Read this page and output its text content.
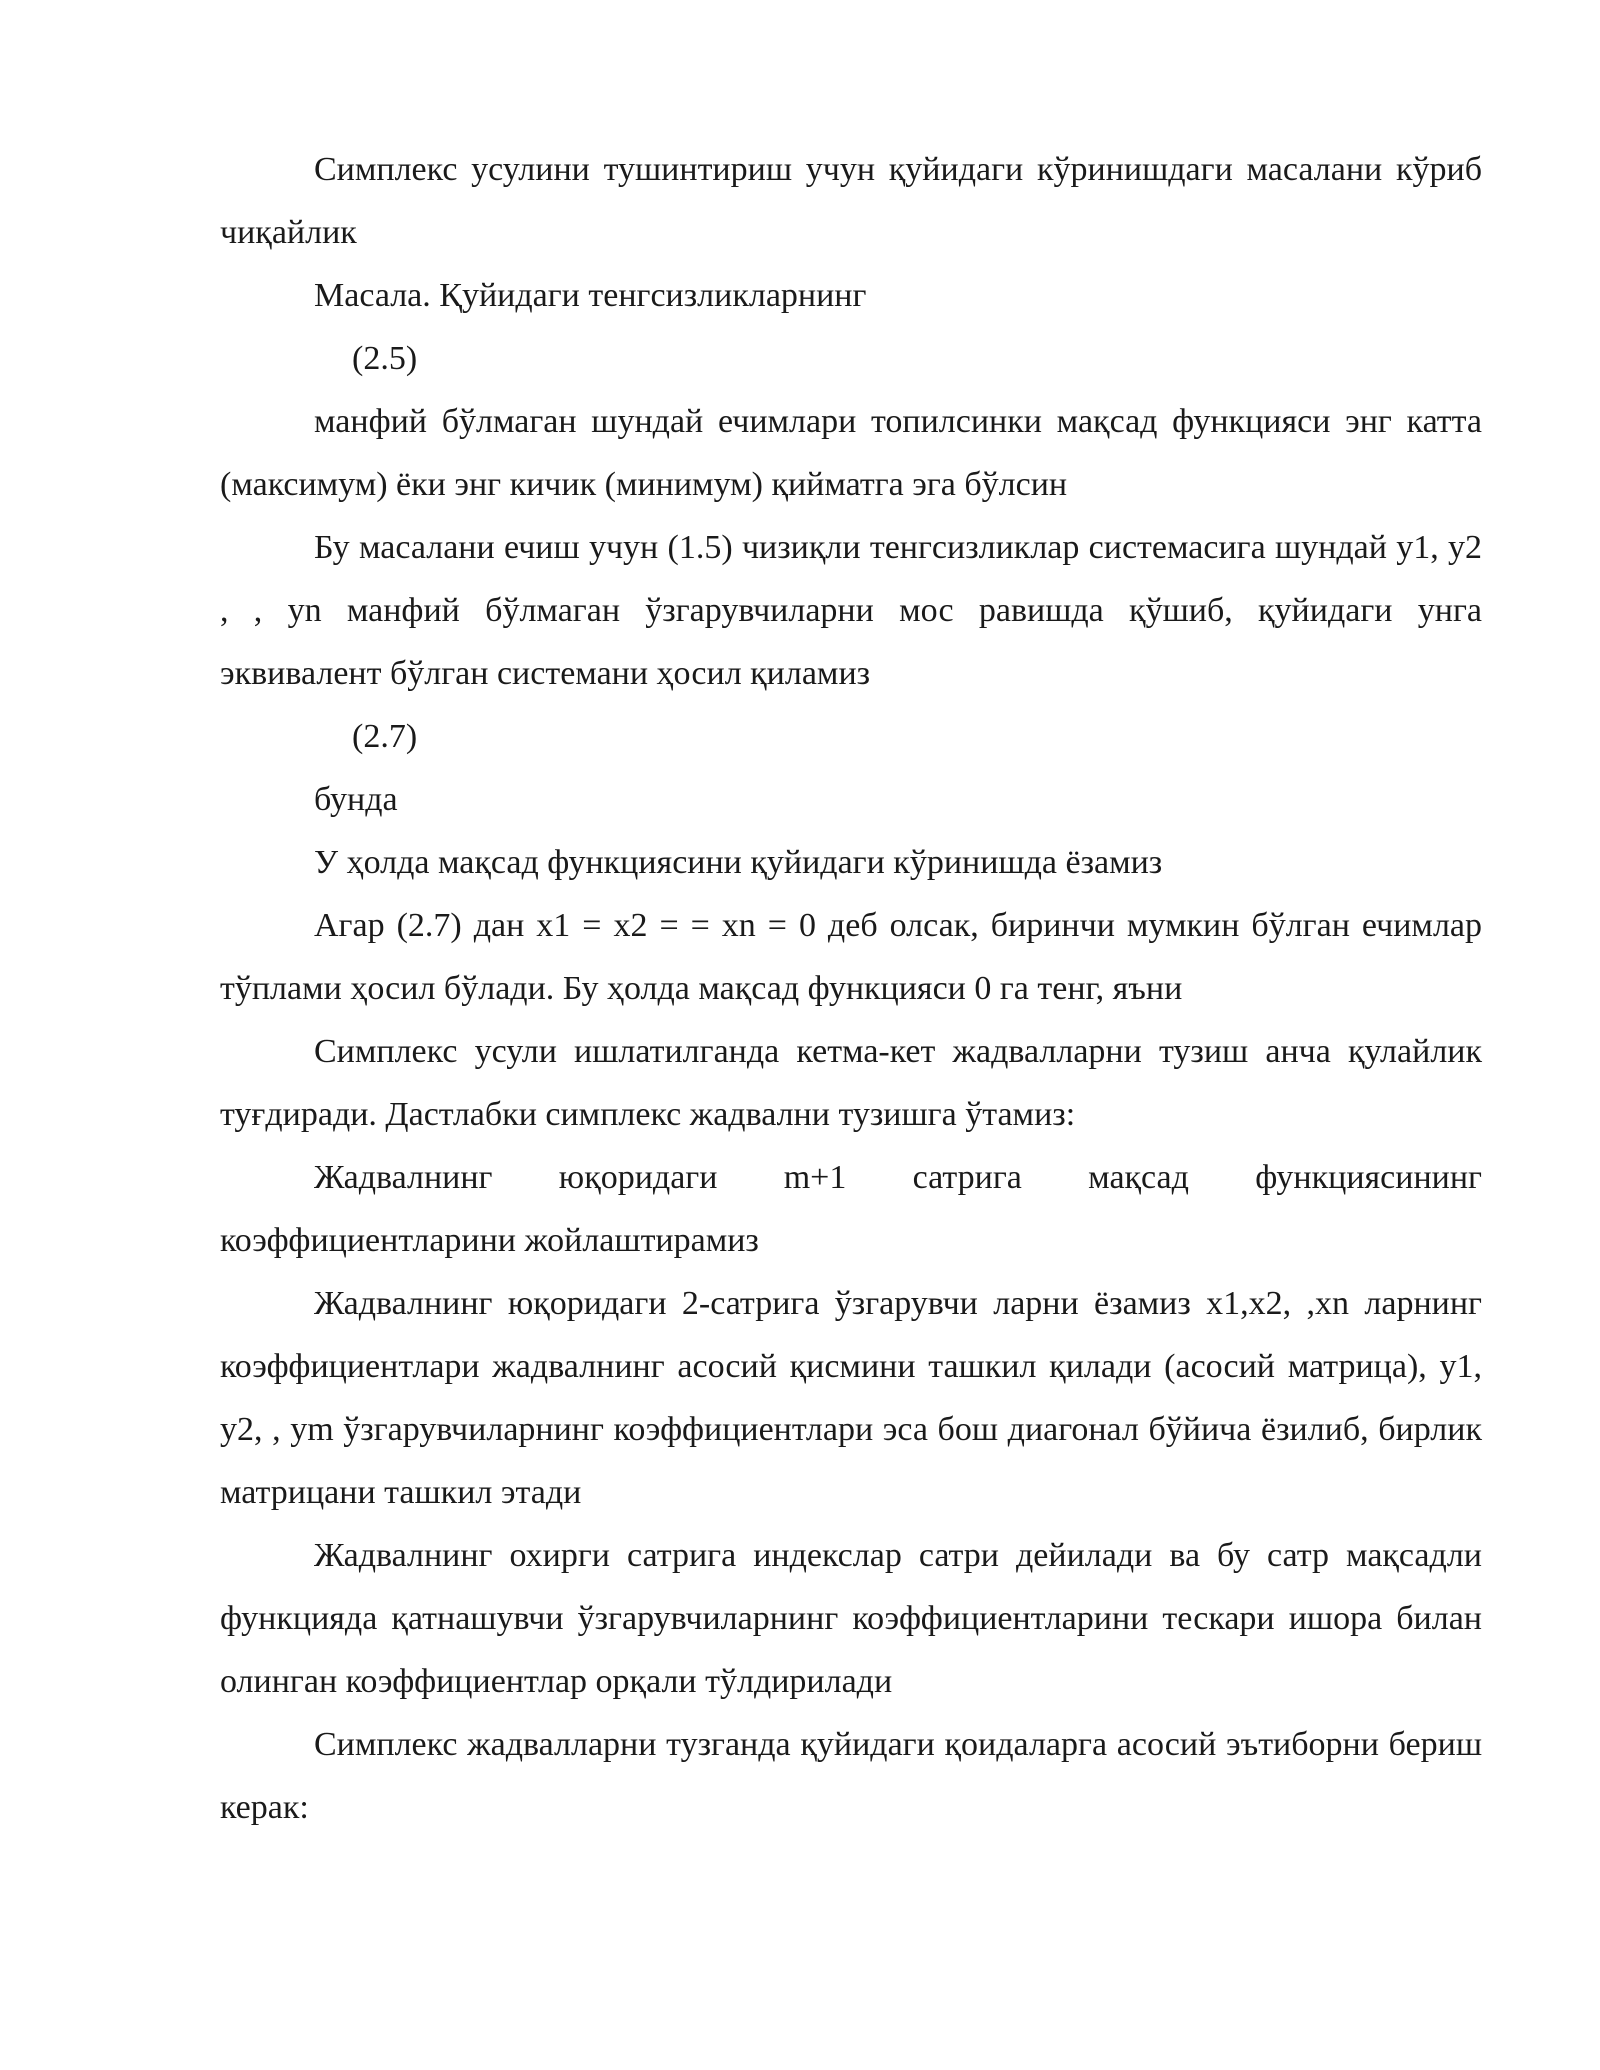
Симплекс усулини тушинтириш учун қуйидаги кўринишдаги масалани кўриб чиқайлик

Масала. Қуйидаги тенгсизликларнинг

(2.5)

манфий бўлмаган шундай ечимлари топилсинки мақсад функцияси энг катта (максимум) ёки энг кичик (минимум) қийматга эга бўлсин

Бу масалани ечиш учун (1.5) чизиқли тенгсизликлар системасига шундай y1, y2 , , yn манфий бўлмаган ўзгарувчиларни мос равишда қўшиб, қуйидаги унга эквивалент бўлган системани ҳосил қиламиз

(2.7)

бунда

У ҳолда мақсад функциясини қуйидаги кўринишда ёзамиз

Агар (2.7) дан x1 = x2 = = xn = 0 деб олсак, биринчи мумкин бўлган ечимлар тўплами ҳосил бўлади. Бу ҳолда мақсад функцияси 0 га тенг, яъни

Симплекс усули ишлатилганда кетма-кет жадвалларни тузиш анча қулайлик туғдиради. Дастлабки симплекс жадвални тузишга ўтамиз:

Жадвалнинг юқоридаги m+1 сатрига мақсад функциясининг коэффициентларини жойлаштирамиз

Жадвалнинг юқоридаги 2-сатрига ўзгарувчи ларни ёзамиз x1,x2, ,xn ларнинг коэффициентлари жадвалнинг асосий қисмини ташкил қилади (асосий матрица), y1, y2, , ym ўзгарувчиларнинг коэффициентлари эса бош диагонал бўйича ёзилиб, бирлик матрицани ташкил этади

Жадвалнинг охирги сатрига индекслар сатри дейилади ва бу сатр мақсадли функцияда қатнашувчи ўзгарувчиларнинг коэффициентларини тескари ишора билан олинган коэффициентлар орқали тўлдирилади

Симплекс жадвалларни тузганда қуйидаги қоидаларга асосий эътиборни бериш керак:
